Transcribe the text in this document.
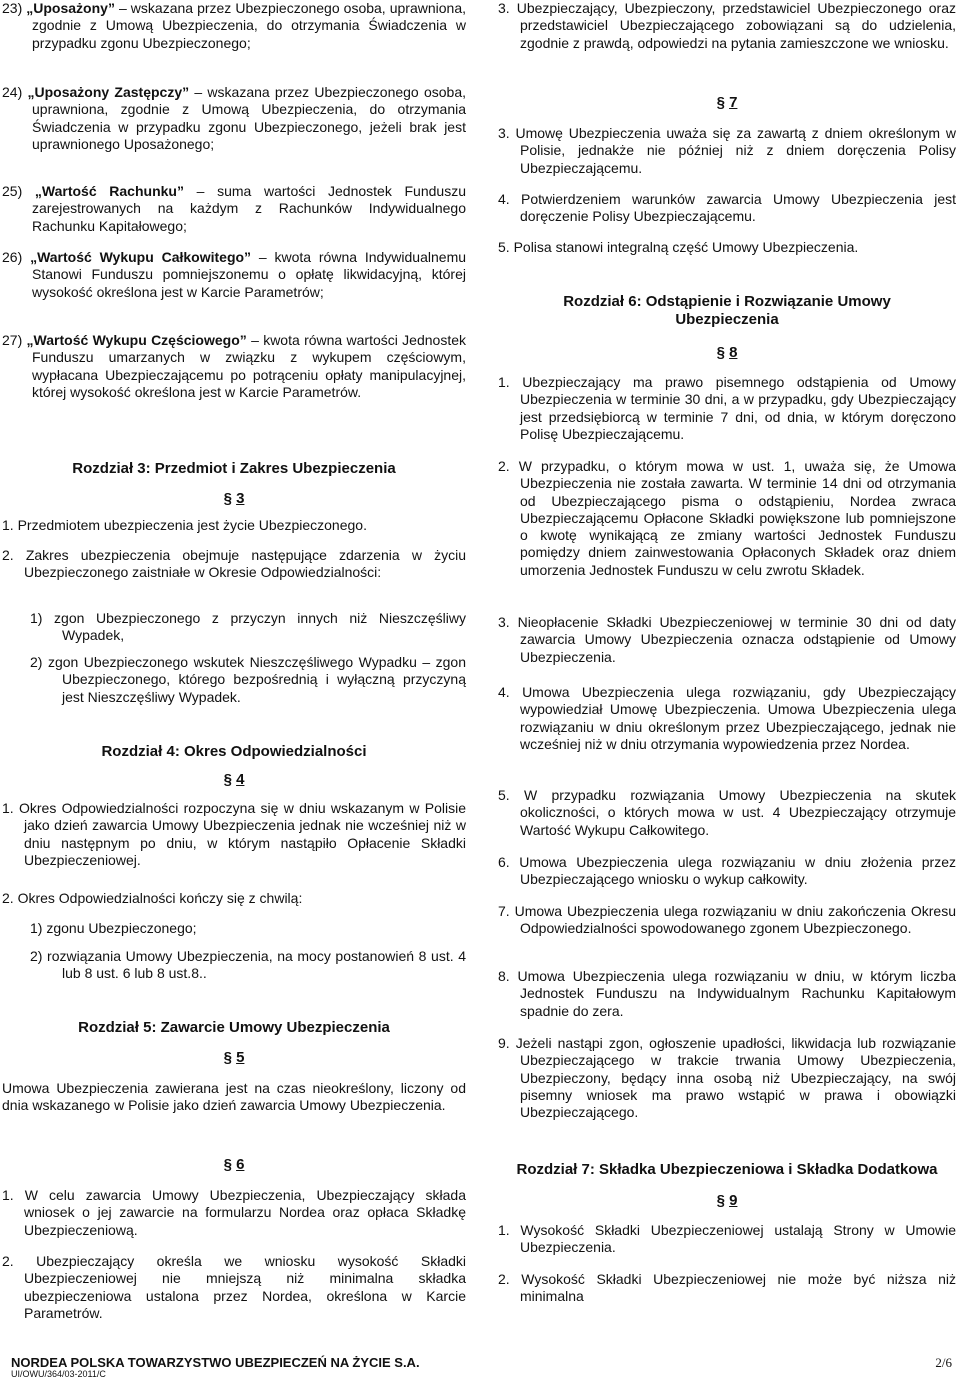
23) „Uposażony” – wskazana przez Ubezpieczonego osoba, uprawniona, zgodnie z Umową Ubezpieczenia, do otrzymania Świadczenia w przypadku zgonu Ubezpieczonego;
24) „Uposażony Zastępczy” – wskazana przez Ubezpieczonego osoba, uprawniona, zgodnie z Umową Ubezpieczenia, do otrzymania Świadczenia w przypadku zgonu Ubezpieczonego, jeżeli brak jest uprawnionego Uposażonego;
25) „Wartość Rachunku” – suma wartości Jednostek Funduszu zarejestrowanych na każdym z Rachunków Indywidualnego Rachunku Kapitałowego;
26) „Wartość Wykupu Całkowitego” – kwota równa Indywidualnemu Stanowi Funduszu pomniejszonemu o opłatę likwidacyjną, której wysokość określona jest w Karcie Parametrów;
27) „Wartość Wykupu Częściowego” – kwota równa wartości Jednostek Funduszu umarzanych w związku z wykupem częściowym, wypłacana Ubezpieczającemu po potrąceniu opłaty manipulacyjnej, której wysokość określona jest w Karcie Parametrów.
Rozdział 3: Przedmiot i Zakres Ubezpieczenia
§ 3
1. Przedmiotem ubezpieczenia jest życie Ubezpieczonego.
2. Zakres ubezpieczenia obejmuje następujące zdarzenia w życiu Ubezpieczonego zaistniałe w Okresie Odpowiedzialności:
1) zgon Ubezpieczonego z przyczyn innych niż Nieszczęśliwy Wypadek,
2) zgon Ubezpieczonego wskutek Nieszczęśliwego Wypadku – zgon Ubezpieczonego, którego bezpośrednią i wyłączną przyczyną jest Nieszczęśliwy Wypadek.
Rozdział 4: Okres Odpowiedzialności
§ 4
1. Okres Odpowiedzialności rozpoczyna się w dniu wskazanym w Polisie jako dzień zawarcia Umowy Ubezpieczenia jednak nie wcześniej niż w dniu następnym po dniu, w którym nastąpiło Opłacenie Składki Ubezpieczeniowej.
2. Okres Odpowiedzialności kończy się z chwilą:
1) zgonu Ubezpieczonego;
2) rozwiązania Umowy Ubezpieczenia, na mocy postanowień 8 ust. 4 lub 8 ust. 6 lub 8 ust.8..
Rozdział 5: Zawarcie Umowy Ubezpieczenia
§ 5
Umowa Ubezpieczenia zawierana jest na czas nieokreślony, liczony od dnia wskazanego w Polisie jako dzień zawarcia Umowy Ubezpieczenia.
§ 6
1. W celu zawarcia Umowy Ubezpieczenia, Ubezpieczający składa wniosek o jej zawarcie na formularzu Nordea oraz opłaca Składkę Ubezpieczeniową.
2. Ubezpieczający określa we wniosku wysokość Składki Ubezpieczeniowej nie mniejszą niż minimalna składka ubezpieczeniowa ustalona przez Nordea, określona w Karcie Parametrów.
3. Ubezpieczający, Ubezpieczony, przedstawiciel Ubezpieczonego oraz przedstawiciel Ubezpieczającego zobowiązani są do udzielenia, zgodnie z prawdą, odpowiedzi na pytania zamieszczone we wniosku.
§ 7
3. Umowę Ubezpieczenia uważa się za zawartą z dniem określonym w Polisie, jednakże nie później niż z dniem doręczenia Polisy Ubezpieczającemu.
4. Potwierdzeniem warunków zawarcia Umowy Ubezpieczenia jest doręczenie Polisy Ubezpieczającemu.
5. Polisa stanowi integralną część Umowy Ubezpieczenia.
Rozdział 6: Odstąpienie i Rozwiązanie Umowy Ubezpieczenia
§ 8
1. Ubezpieczający ma prawo pisemnego odstąpienia od Umowy Ubezpieczenia w terminie 30 dni, a w przypadku, gdy Ubezpieczający jest przedsiębiorcą w terminie 7 dni, od dnia, w którym doręczono Polisę Ubezpieczającemu.
2. W przypadku, o którym mowa w ust. 1, uważa się, że Umowa Ubezpieczenia nie została zawarta. W terminie 14 dni od otrzymania od Ubezpieczającego pisma o odstąpieniu, Nordea zwraca Ubezpieczającemu Opłacone Składki powiększone lub pomniejszone o kwotę wynikającą ze zmiany wartości Jednostek Funduszu pomiędzy dniem zainwestowania Opłaconych Składek oraz dniem umorzenia Jednostek Funduszu w celu zwrotu Składek.
3. Nieopłacenie Składki Ubezpieczeniowej w terminie 30 dni od daty zawarcia Umowy Ubezpieczenia oznacza odstąpienie od Umowy Ubezpieczenia.
4. Umowa Ubezpieczenia ulega rozwiązaniu, gdy Ubezpieczający wypowiedział Umowę Ubezpieczenia. Umowa Ubezpieczenia ulega rozwiązaniu w dniu określonym przez Ubezpieczającego, jednak nie wcześniej niż w dniu otrzymania wypowiedzenia przez Nordea.
5. W przypadku rozwiązania Umowy Ubezpieczenia na skutek okoliczności, o których mowa w ust. 4 Ubezpieczający otrzymuje Wartość Wykupu Całkowitego.
6. Umowa Ubezpieczenia ulega rozwiązaniu w dniu złożenia przez Ubezpieczającego wniosku o wykup całkowity.
7. Umowa Ubezpieczenia ulega rozwiązaniu w dniu zakończenia Okresu Odpowiedzialności spowodowanego zgonem Ubezpieczonego.
8. Umowa Ubezpieczenia ulega rozwiązaniu w dniu, w którym liczba Jednostek Funduszu na Indywidualnym Rachunku Kapitałowym spadnie do zera.
9. Jeżeli nastąpi zgon, ogłoszenie upadłości, likwidacja lub rozwiązanie Ubezpieczającego w trakcie trwania Umowy Ubezpieczenia, Ubezpieczony, będący inna osobą niż Ubezpieczający, na swój pisemny wniosek ma prawo wstąpić w prawa i obowiązki Ubezpieczającego.
Rozdział 7: Składka Ubezpieczeniowa i Składka Dodatkowa
§ 9
1. Wysokość Składki Ubezpieczeniowej ustalają Strony w Umowie Ubezpieczenia.
2. Wysokość Składki Ubezpieczeniowej nie może być niższa niż minimalna
NORDEA POLSKA TOWARZYSTWO UBEZPIECZEŃ NA ŻYCIE S.A.
UI/OWU/364/03-2011/C
2/6
